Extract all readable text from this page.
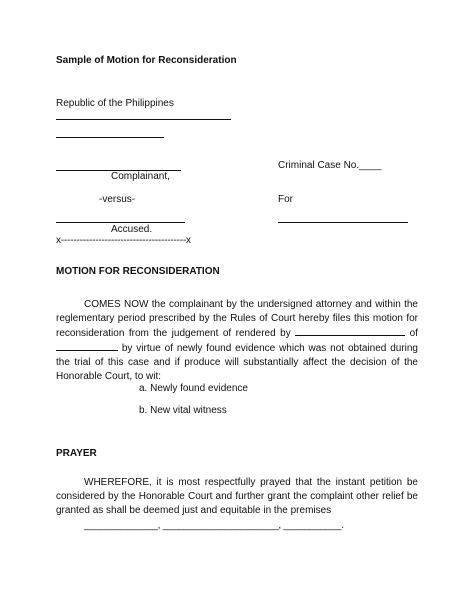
Sample of Motion for Reconsideration
Republic of the Philippines
Criminal Case No.____
Complainant,
-versus-	For
Accused.
x----------------------------------------x
MOTION FOR RECONSIDERATION
COMES NOW the complainant by the undersigned attorney and within the reglementary period prescribed by the Rules of Court hereby files this motion for reconsideration from the judgement of rendered by	of  by virtue of newly found evidence which was not obtained during the trial of this case and if produce will substantially affect the decision of the Honorable Court, to wit:
a. Newly found evidence
b. New vital witness
PRAYER
WHEREFORE, it is most respectfully prayed that the instant petition be considered by the Honorable Court and further grant the complaint other relief be granted as shall be deemed just and equitable in the premises
______________, ______________________, ___________.
